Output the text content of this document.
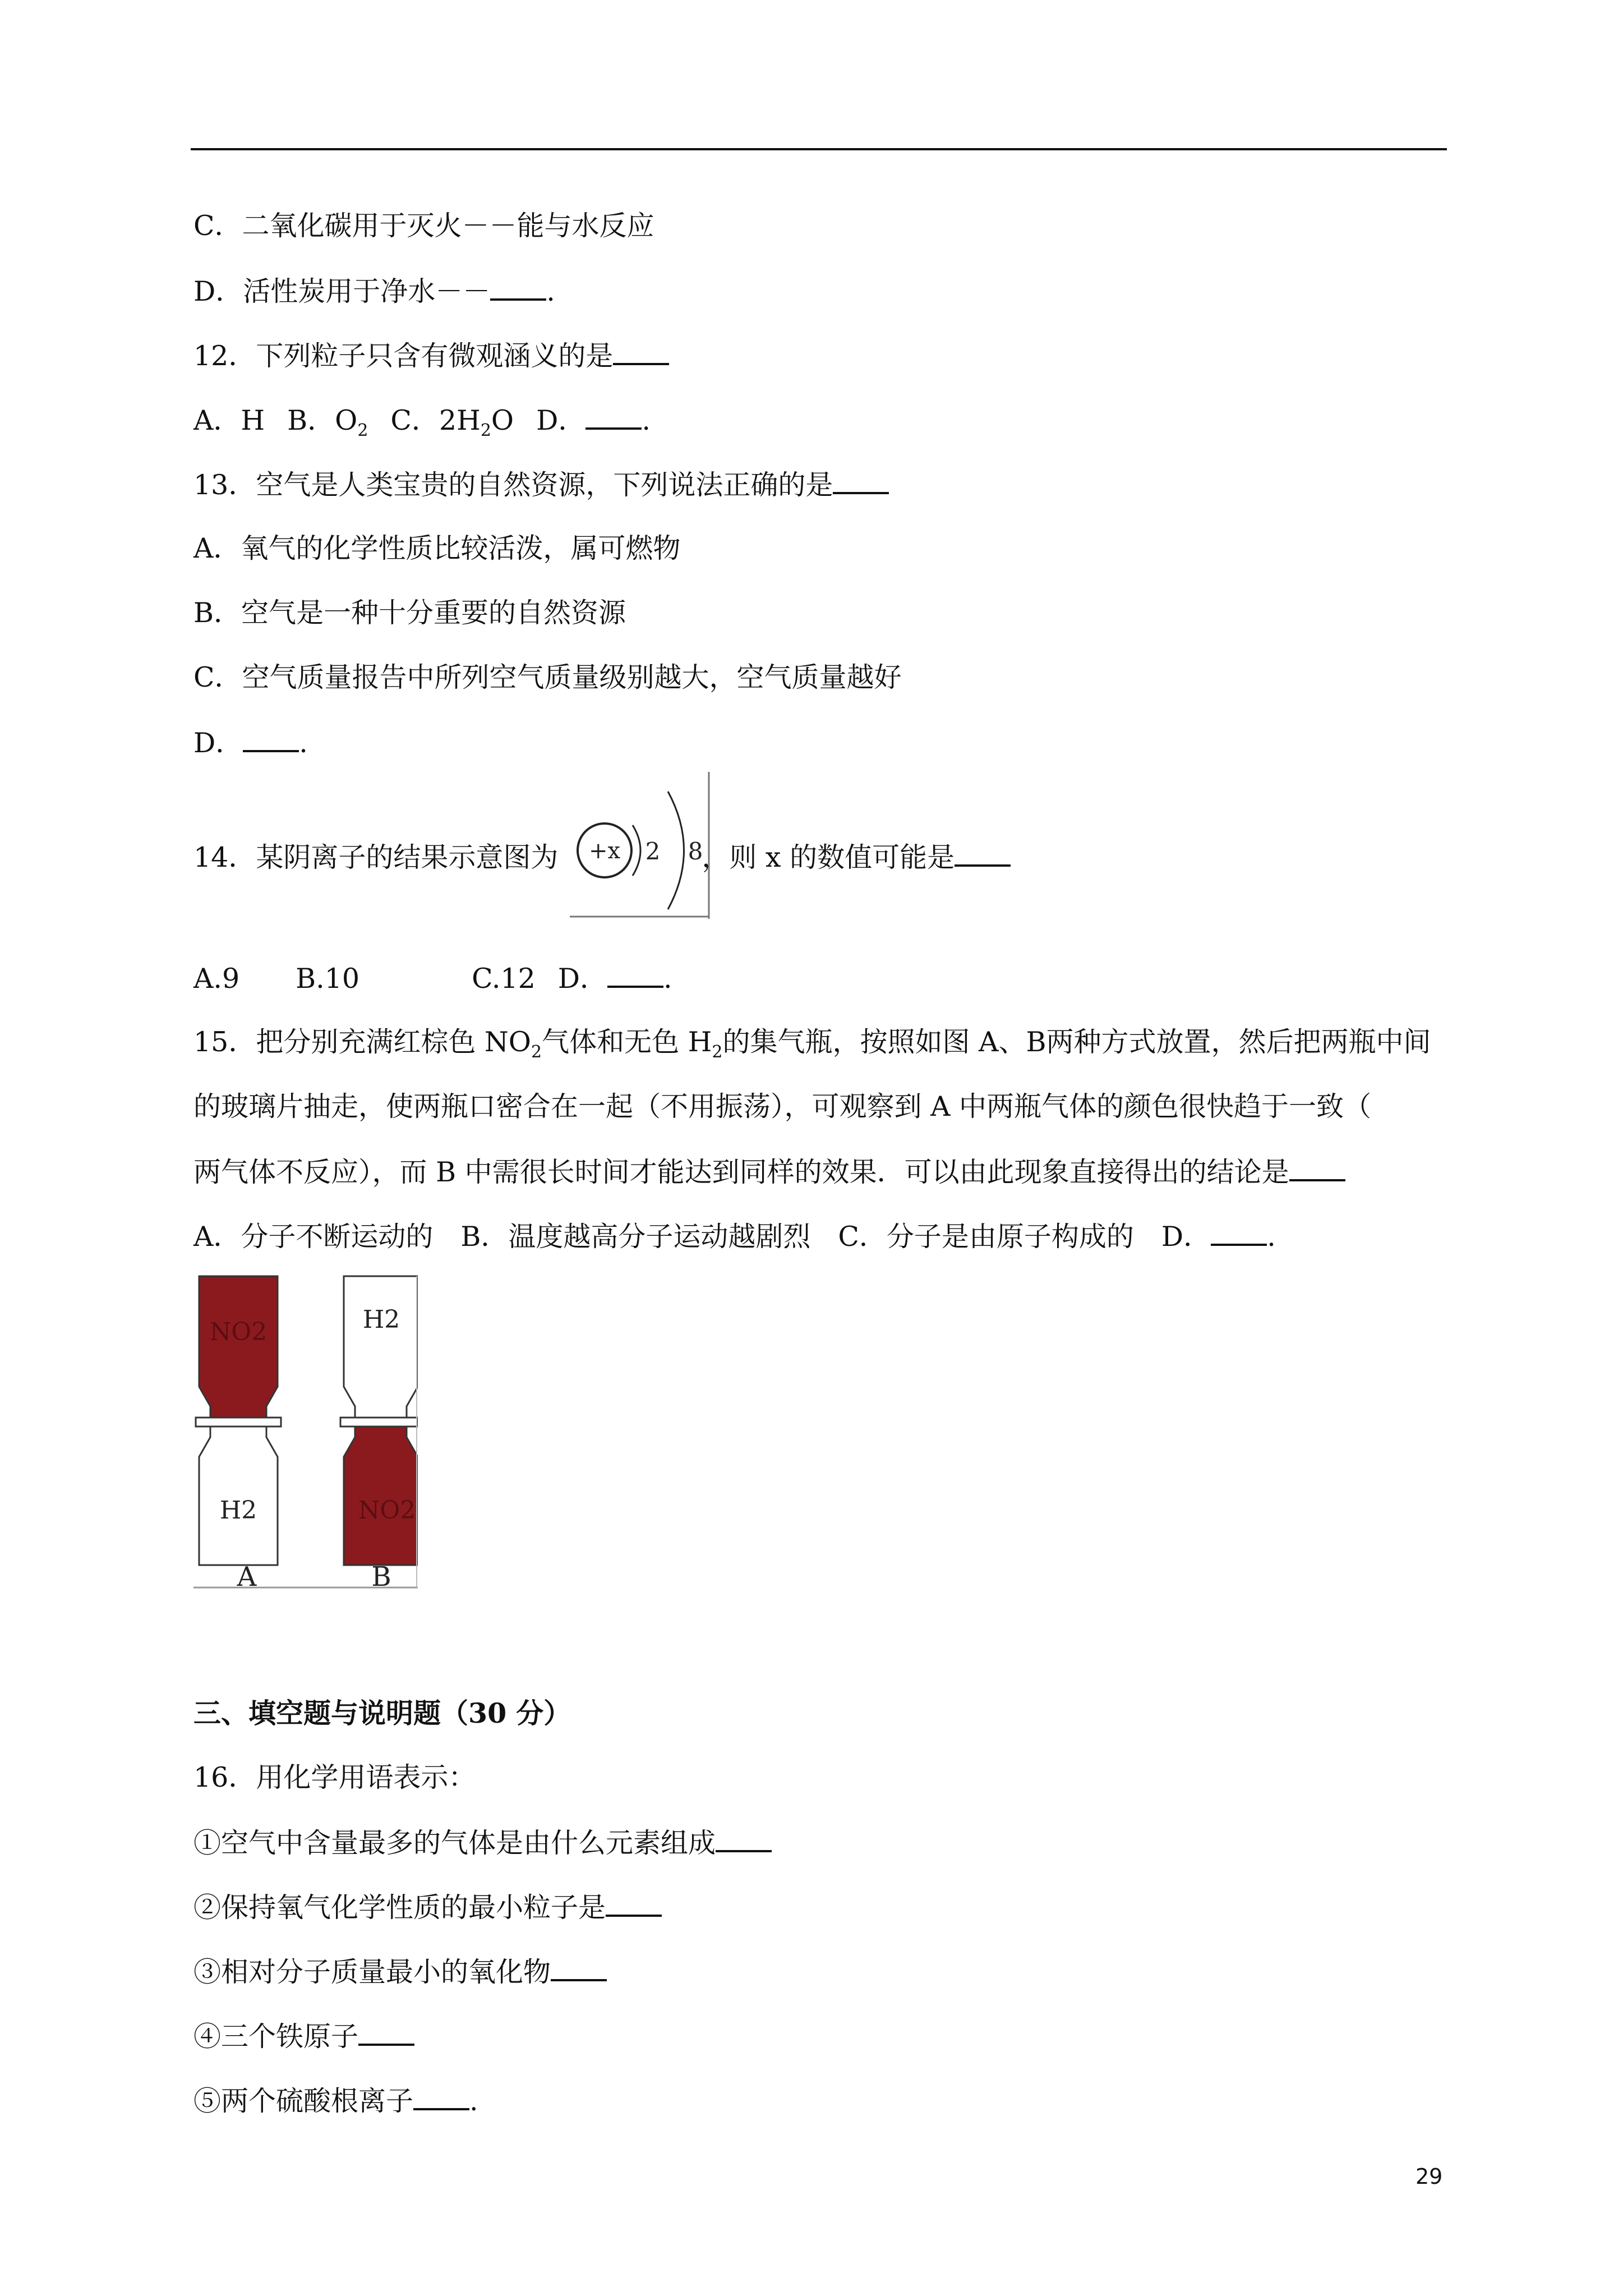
C．二氧化碳用于灭火－－能与水反应
D．活性炭用于净水－－ .
12．下列粒子只含有微观涵义的是
A．H B．$O_2$ C．$2H_2O$ D． .
13．空气是人类宝贵的自然资源，下列说法正确的是
A．氧气的化学性质比较活泼，属可燃物
B．空气是一种十分重要的自然资源
C．空气质量报告中所列空气质量级别越大，空气质量越好
D． .
14．某阴离子的结果示意图为	，则 x 的数值可能是
+x 2 8
A.9 B.10	C.12 D． .
15．把分别充满红棕色 $NO_2$气体和无色 $H_2$的集气瓶，按照如图 A、B两种方式放置，然后把两瓶中间
的玻璃片抽走，使两瓶口密合在一起（不用振荡），可观察到 A 中两瓶气体的颜色很快趋于一致（
两气体不反应），而 B 中需很长时间才能达到同样的效果．可以由此现象直接得出的结论是
A．分子不断运动的　B．温度越高分子运动越剧烈　C．分子是由原子构成的　D． .
NO2
H2
H2
NO2
A	B
三、填空题与说明题（30 分）
16．用化学用语表示：
①空气中含量最多的气体是由什么元素组成
②保持氧气化学性质的最小粒子是
③相对分子质量最小的氧化物
④三个铁原子
⑤两个硫酸根离子 .
29
